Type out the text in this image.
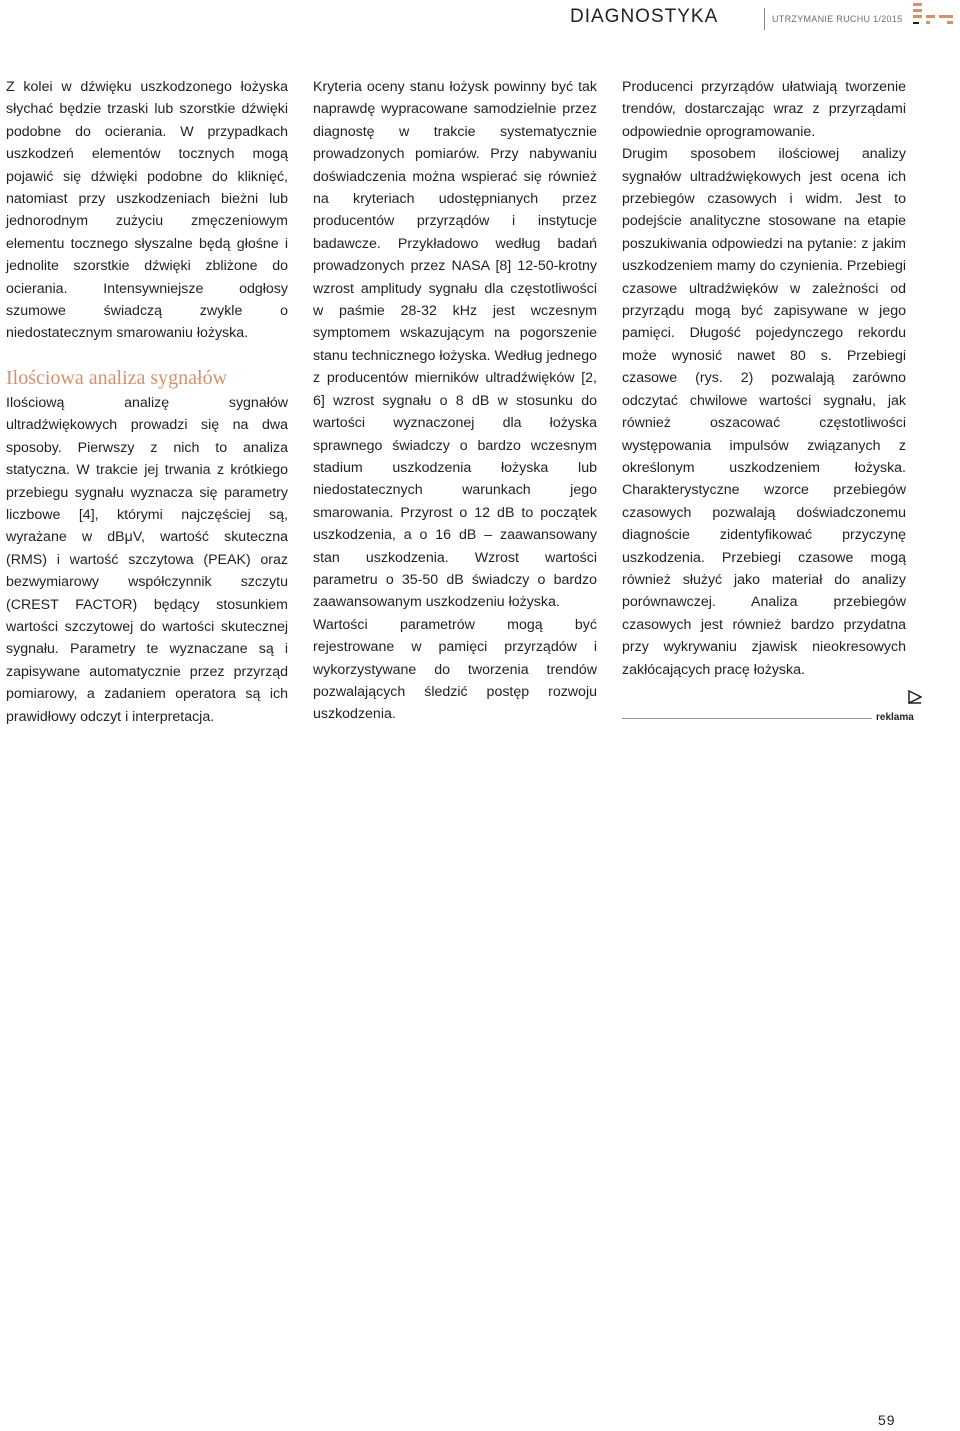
DIAGNOSTYKA	UTRZYMANIE RUCHU 1/2015

Z kolei w dźwięku uszkodzonego łożyska słychać będzie trzaski lub szorstkie dźwięki podobne do ocierania. W przypadkach uszkodzeń elementów tocznych mogą pojawić się dźwięki podobne do kliknięć, natomiast przy uszkodzeniach bieżni lub jednorodnym zużyciu zmęczeniowym elementu tocznego słyszalne będą głośne i jednolite szorstkie dźwięki zbliżone do ocierania. Intensywniejsze odgłosy szumowe świadczą zwykle o niedostatecznym smarowaniu łożyska.

Ilościowa analiza sygnałów

Ilościową analizę sygnałów ultradźwiękowych prowadzi się na dwa sposoby. Pierwszy z nich to analiza statyczna. W trakcie jej trwania z krótkiego przebiegu sygnału wyznacza się parametry liczbowe [4], którymi najczęściej są, wyrażane w dBμV, wartość skuteczna (RMS) i wartość szczytowa (PEAK) oraz bezwymiarowy współczynnik szczytu (CREST FACTOR) będący stosunkiem wartości szczytowej do wartości skutecznej sygnału. Parametry te wyznaczane są i zapisywane automatycznie przez przyrząd pomiarowy, a zadaniem operatora są ich prawidłowy odczyt i interpretacja.

Kryteria oceny stanu łożysk powinny być tak naprawdę wypracowane samodzielnie przez diagnostę w trakcie systematycznie prowadzonych pomiarów. Przy nabywaniu doświadczenia można wspierać się również na kryteriach udostępnianych przez producentów przyrządów i instytucje badawcze. Przykładowo według badań prowadzonych przez NASA [8] 12-50-krotny wzrost amplitudy sygnału dla częstotliwości w paśmie 28-32 kHz jest wczesnym symptomem wskazującym na pogorszenie stanu technicznego łożyska. Według jednego z producentów mierników ultradźwięków [2, 6] wzrost sygnału o 8 dB w stosunku do wartości wyznaczonej dla łożyska sprawnego świadczy o bardzo wczesnym stadium uszkodzenia łożyska lub niedostatecznych warunkach jego smarowania. Przyrost o 12 dB to początek uszkodzenia, a o 16 dB – zaawansowany stan uszkodzenia. Wzrost wartości parametru o 35-50 dB świadczy o bardzo zaawansowanym uszkodzeniu łożyska.

Wartości parametrów mogą być rejestrowane w pamięci przyrządów i wykorzystywane do tworzenia trendów pozwalających śledzić postęp rozwoju uszkodzenia.

Producenci przyrządów ułatwiają tworzenie trendów, dostarczając wraz z przyrządami odpowiednie oprogramowanie.

Drugim sposobem ilościowej analizy sygnałów ultradźwiękowych jest ocena ich przebiegów czasowych i widm. Jest to podejście analityczne stosowane na etapie poszukiwania odpowiedzi na pytanie: z jakim uszkodzeniem mamy do czynienia. Przebiegi czasowe ultradźwięków w zależności od przyrządu mogą być zapisywane w jego pamięci. Długość pojedynczego rekordu może wynosić nawet 80 s. Przebiegi czasowe (rys. 2) pozwalają zarówno odczytać chwilowe wartości sygnału, jak również oszacować częstotliwości występowania impulsów związanych z określonym uszkodzeniem łożyska. Charakterystyczne wzorce przebiegów czasowych pozwalają doświadczonemu diagnoście zidentyfikować przyczynę uszkodzenia. Przebiegi czasowe mogą również służyć jako materiał do analizy porównawczej. Analiza przebiegów czasowych jest również bardzo przydatna przy wykrywaniu zjawisk nieokresowych zakłócających pracę łożyska.

reklama
59
